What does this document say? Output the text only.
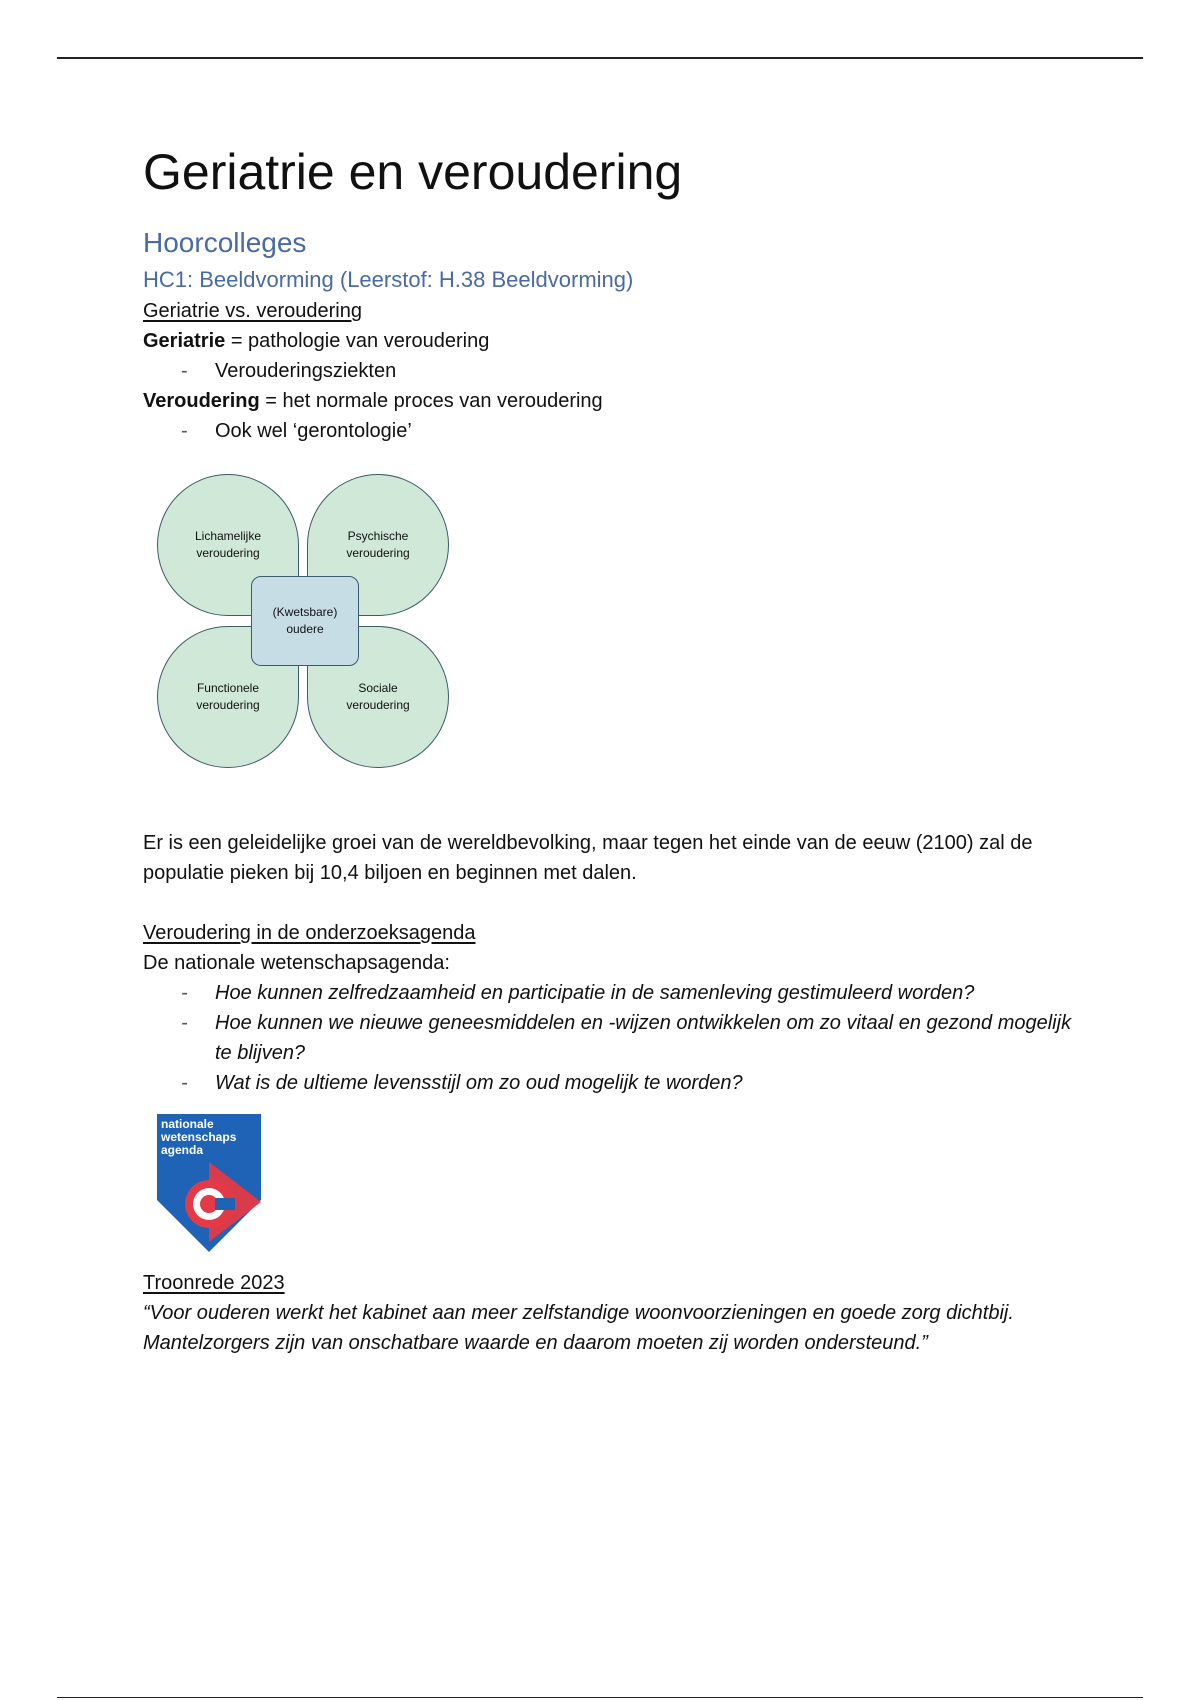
Geriatrie en veroudering
Hoorcolleges
HC1: Beeldvorming (Leerstof: H.38 Beeldvorming)
Geriatrie vs. veroudering
Geriatrie = pathologie van veroudering
- Verouderingsziekten
Veroudering = het normale proces van veroudering
- Ook wel ‘gerontologie’
Lichamelijke veroudering
Psychische veroudering
Functionele veroudering
Sociale veroudering
(Kwetsbare) oudere
Er is een geleidelijke groei van de wereldbevolking, maar tegen het einde van de eeuw (2100) zal de populatie pieken bij 10,4 biljoen en beginnen met dalen.
Veroudering in de onderzoeksagenda
De nationale wetenschapsagenda:
- Hoe kunnen zelfredzaamheid en participatie in de samenleving gestimuleerd worden?
- Hoe kunnen we nieuwe geneesmiddelen en -wijzen ontwikkelen om zo vitaal en gezond mogelijk te blijven?
- Wat is de ultieme levensstijl om zo oud mogelijk te worden?
nationale
wetenschaps
agenda
Troonrede 2023
“Voor ouderen werkt het kabinet aan meer zelfstandige woonvoorzieningen en goede zorg dichtbij. Mantelzorgers zijn van onschatbare waarde en daarom moeten zij worden ondersteund.”
